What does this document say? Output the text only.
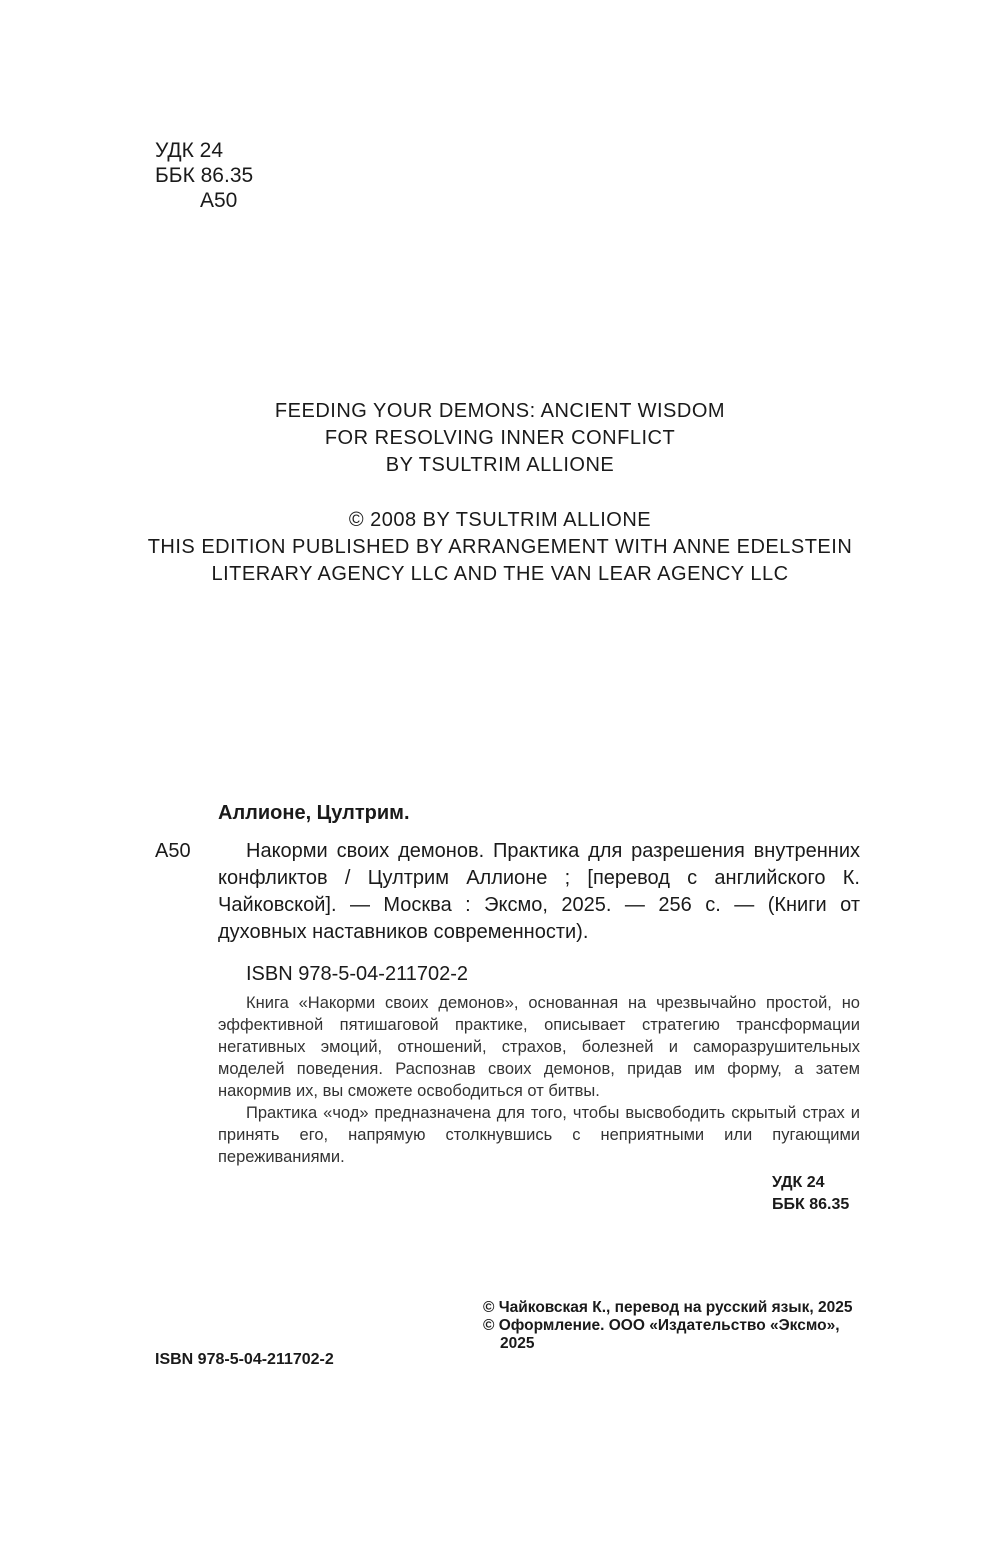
УДК 24
ББК 86.35
А50
FEEDING YOUR DEMONS: ANCIENT WISDOM
FOR RESOLVING INNER CONFLICT
BY TSULTRIM ALLIONE
© 2008 BY TSULTRIM ALLIONE
THIS EDITION PUBLISHED BY ARRANGEMENT WITH ANNE EDELSTEIN
LITERARY AGENCY LLC AND THE VAN LEAR AGENCY LLC
Аллионе, Цултрим.
А50	Накорми своих демонов. Практика для разрешения внутренних конфликтов / Цултрим Аллионе ; [перевод с английского К. Чайковской]. — Москва : Эксмо, 2025. — 256 с. — (Книги от духовных наставников современности).

ISBN 978-5-04-211702-2

Книга «Накорми своих демонов», основанная на чрезвычайно простой, но эффективной пятишаговой практике, описывает стратегию трансформации негативных эмоций, отношений, страхов, болезней и саморазрушительных моделей поведения. Распознав своих демонов, придав им форму, а затем накормив их, вы сможете освободиться от битвы.

Практика «чод» предназначена для того, чтобы высвободить скрытый страх и принять его, напрямую столкнувшись с неприятными или пугающими переживаниями.

УДК 24
ББК 86.35
© Чайковская К., перевод на русский язык, 2025
© Оформление. ООО «Издательство «Эксмо», 2025
ISBN 978-5-04-211702-2
